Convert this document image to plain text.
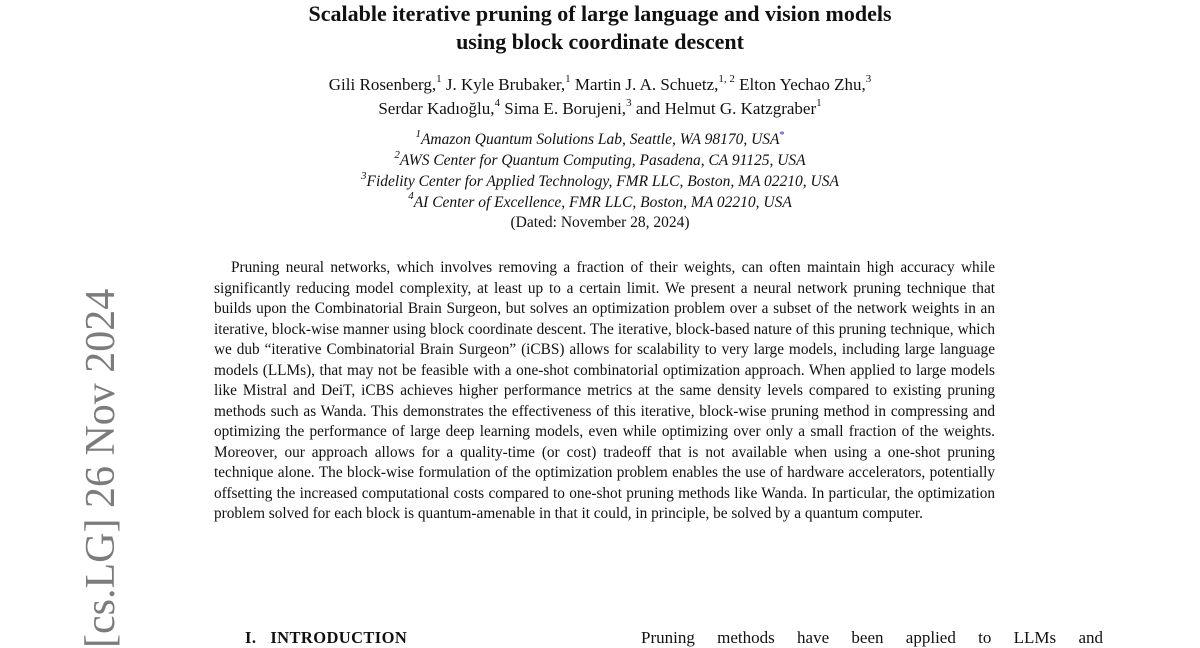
[cs.LG] 26 Nov 2024
Scalable iterative pruning of large language and vision models
using block coordinate descent
Gili Rosenberg,$^1$ J. Kyle Brubaker,$^1$ Martin J. A. Schuetz,$^{1, 2}$ Elton Yechao Zhu,$^3$
Serdar Kadıoğlu,$^4$ Sima E. Borujeni,$^3$ and Helmut G. Katzgraber$^1$
$^1$Amazon Quantum Solutions Lab, Seattle, WA 98170, USA*
$^2$AWS Center for Quantum Computing, Pasadena, CA 91125, USA
$^3$Fidelity Center for Applied Technology, FMR LLC, Boston, MA 02210, USA
$^4$AI Center of Excellence, FMR LLC, Boston, MA 02210, USA
(Dated: November 28, 2024)

Pruning neural networks, which involves removing a fraction of their weights, can often maintain high accuracy while significantly reducing model complexity, at least up to a certain limit. We present a neural network pruning technique that builds upon the Combinatorial Brain Surgeon, but solves an optimization problem over a subset of the network weights in an iterative, block-wise manner using block coordinate descent. The iterative, block-based nature of this pruning technique, which we dub “iterative Combinatorial Brain Surgeon” (iCBS) allows for scalability to very large models, including large language models (LLMs), that may not be feasible with a one-shot combinatorial optimization approach. When applied to large models like Mistral and DeiT, iCBS achieves higher performance metrics at the same density levels compared to existing pruning methods such as Wanda. This demonstrates the effectiveness of this iterative, block-wise pruning method in compressing and optimizing the performance of large deep learning models, even while optimizing over only a small fraction of the weights. Moreover, our approach allows for a quality-time (or cost) tradeoff that is not available when using a one-shot pruning technique alone. The block-wise formulation of the optimization problem enables the use of hardware accelerators, potentially offsetting the increased computational costs compared to one-shot pruning methods like Wanda. In particular, the optimization problem solved for each block is quantum-amenable in that it could, in principle, be solved by a quantum computer.

I. INTRODUCTION	Pruning methods have been applied to LLMs and
